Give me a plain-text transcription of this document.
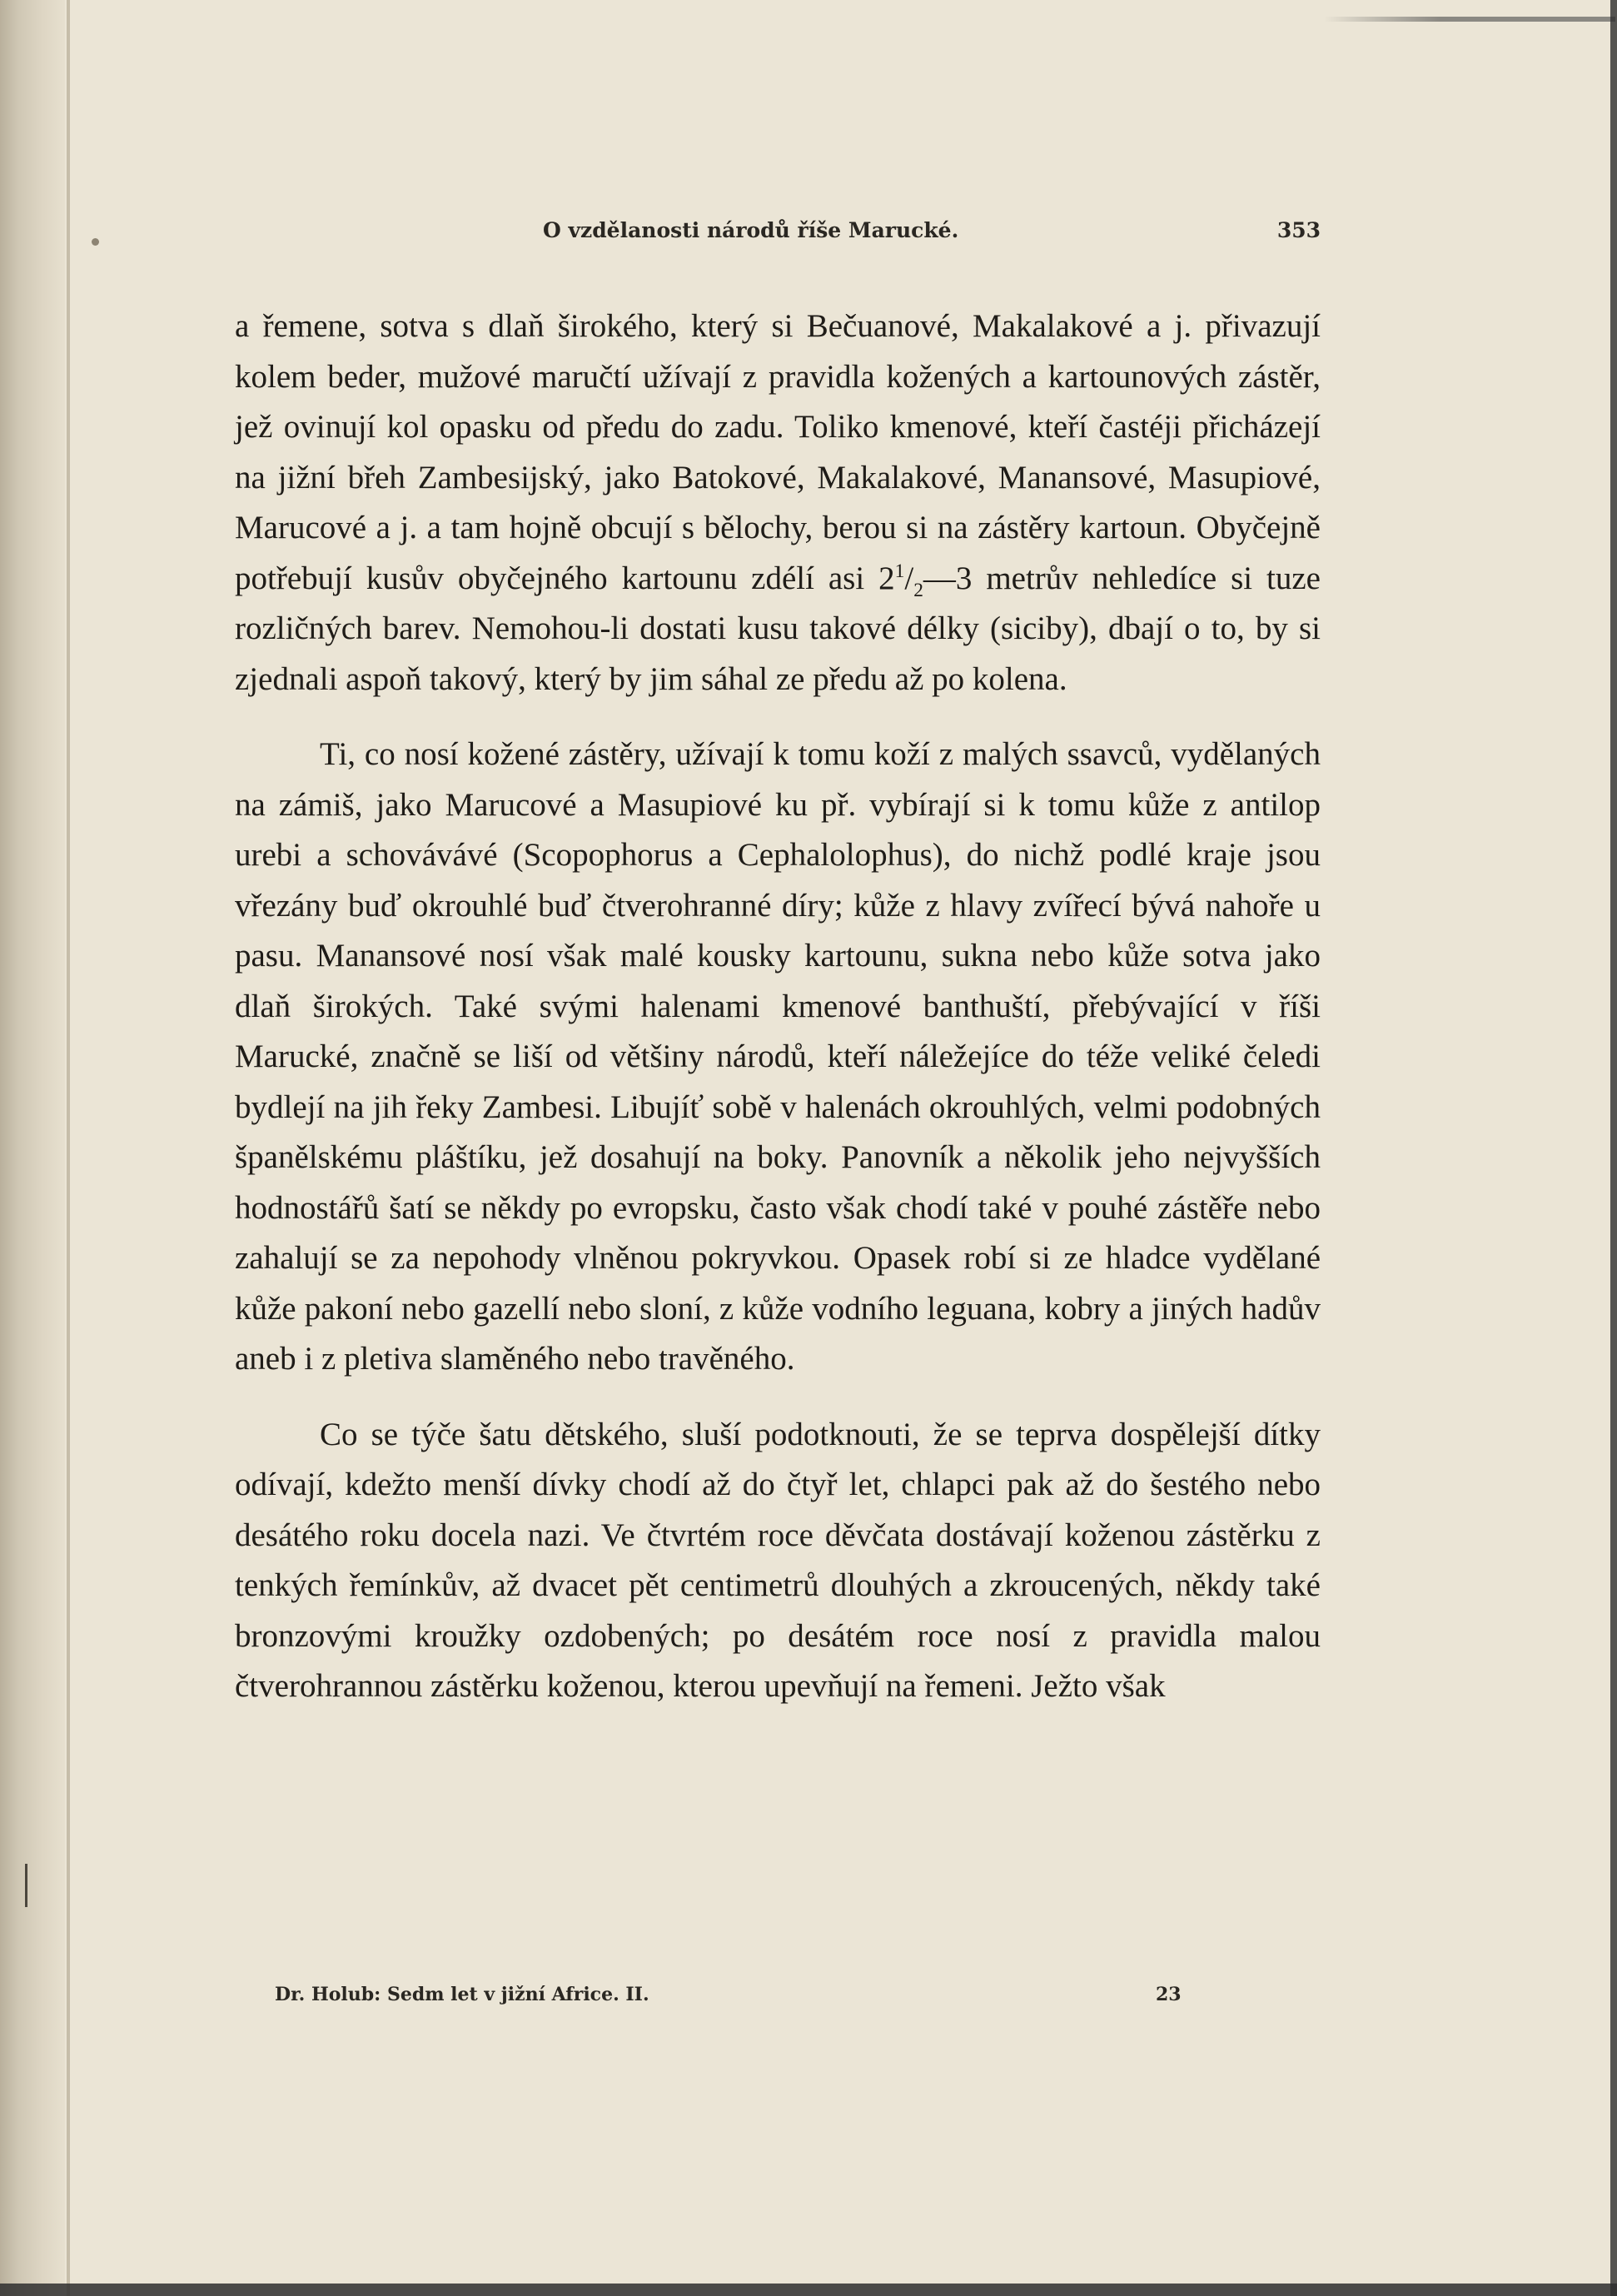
O vzdělanosti národů říše Marucké.	353

a řemene, sotva s dlaň širokého, který si Bečuanové, Makalakové a j. přivazují kolem beder, mužové maručtí užívají z pravidla kožených a kartounových zástěr, jež ovinují kol opasku od předu do zadu. Toliko kmenové, kteří častéji přicházejí na jižní břeh Zambesijský, jako Batokové, Makalakové, Manansové, Masupiové, Marucové a j. a tam hojně obcují s bělochy, berou si na zástěry kartoun. Obyčejně potřebují kusův obyčejného kartounu zdélí asi $2^1/_2—3$ metrův nehledíce si tuze rozličných barev. Nemohou-li dostati kusu takové délky (siciby), dbají o to, by si zjednali aspoň takový, který by jim sáhal ze předu až po kolena.

Ti, co nosí kožené zástěry, užívají k tomu koží z malých ssavců, vydělaných na zámiš, jako Marucové a Masupiové ku př. vybírají si k tomu kůže z antilop urebi a schovávávé (Scopophorus a Cephalolophus), do nichž podlé kraje jsou vřezány buď okrouhlé buď čtverohranné díry; kůže z hlavy zvířecí bývá nahoře u pasu. Manansové nosí však malé kousky kartounu, sukna nebo kůže sotva jako dlaň širokých. Také svými halenami kmenové banthuští, přebývající v říši Marucké, značně se liší od většiny národů, kteří náležejíce do téže veliké čeledi bydlejí na jih řeky Zambesi. Libujíť sobě v halenách okrouhlých, velmi podobných španělskému pláštíku, jež dosahují na boky. Panovník a několik jeho nejvyšších hodnostářů šatí se někdy po evropsku, často však chodí také v pouhé zástěře nebo zahalují se za nepohody vlněnou pokryvkou. Opasek robí si ze hladce vydělané kůže pakoní nebo gazellí nebo sloní, z kůže vodního leguana, kobry a jiných hadův aneb i z pletiva slaměného nebo travěného.

Co se týče šatu dětského, sluší podotknouti, že se teprva dospělejší dítky odívají, kdežto menší dívky chodí až do čtyř let, chlapci pak až do šestého nebo desátého roku docela nazi. Ve čtvrtém roce děvčata dostávají koženou zástěrku z tenkých řemínkův, až dvacet pět centimetrů dlouhých a zkroucených, někdy také bronzovými kroužky ozdobených; po desátém roce nosí z pravidla malou čtverohrannou zástěrku koženou, kterou upevňují na řemeni. Ježto však

Dr. Holub: Sedm let v jižní Africe. II.	23
